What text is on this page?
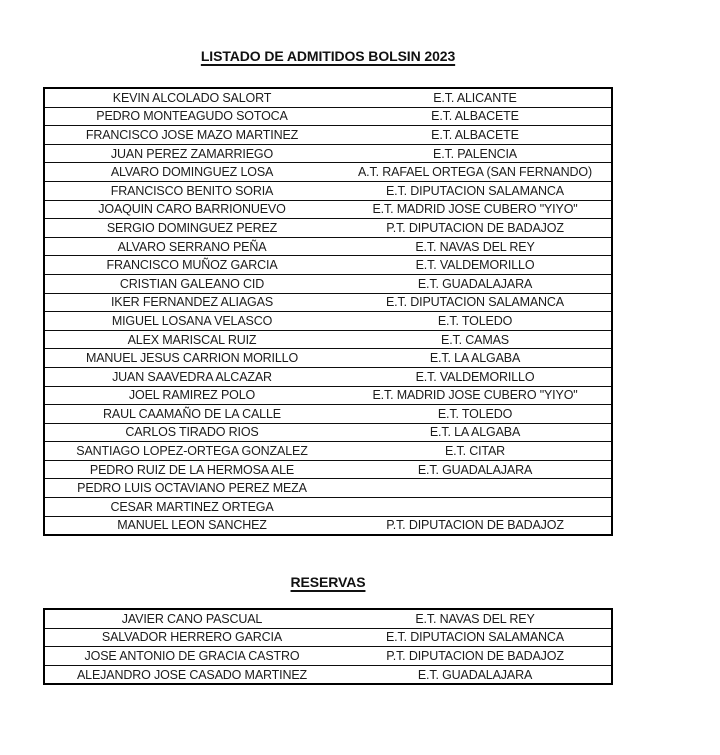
LISTADO DE ADMITIDOS BOLSIN 2023
KEVIN ALCOLADO SALORT	E.T. ALICANTE
PEDRO MONTEAGUDO SOTOCA	E.T. ALBACETE
FRANCISCO JOSE MAZO MARTINEZ	E.T. ALBACETE
JUAN PEREZ ZAMARRIEGO	E.T. PALENCIA
ALVARO DOMINGUEZ LOSA	A.T. RAFAEL ORTEGA (SAN FERNANDO)
FRANCISCO BENITO SORIA	E.T. DIPUTACION SALAMANCA
JOAQUIN CARO BARRIONUEVO	E.T. MADRID JOSE CUBERO "YIYO"
SERGIO DOMINGUEZ PEREZ	P.T. DIPUTACION DE BADAJOZ
ALVARO SERRANO PEÑA	E.T. NAVAS DEL REY
FRANCISCO MUÑOZ GARCIA	E.T. VALDEMORILLO
CRISTIAN GALEANO CID	E.T. GUADALAJARA
IKER FERNANDEZ ALIAGAS	E.T. DIPUTACION SALAMANCA
MIGUEL LOSANA VELASCO	E.T. TOLEDO
ALEX MARISCAL RUIZ	E.T. CAMAS
MANUEL JESUS CARRION MORILLO	E.T. LA ALGABA
JUAN SAAVEDRA ALCAZAR	E.T. VALDEMORILLO
JOEL RAMIREZ POLO	E.T. MADRID JOSE CUBERO "YIYO"
RAUL CAAMAÑO DE LA CALLE	E.T. TOLEDO
CARLOS TIRADO RIOS	E.T. LA ALGABA
SANTIAGO LOPEZ-ORTEGA GONZALEZ	E.T. CITAR
PEDRO RUIZ DE LA HERMOSA ALE	E.T. GUADALAJARA
PEDRO LUIS OCTAVIANO PEREZ MEZA	
CESAR MARTINEZ ORTEGA	
MANUEL LEON SANCHEZ	P.T. DIPUTACION DE BADAJOZ
RESERVAS
JAVIER CANO PASCUAL	E.T. NAVAS DEL REY
SALVADOR HERRERO GARCIA	E.T. DIPUTACION SALAMANCA
JOSE ANTONIO DE GRACIA CASTRO	P.T. DIPUTACION DE BADAJOZ
ALEJANDRO JOSE CASADO MARTINEZ	E.T. GUADALAJARA
